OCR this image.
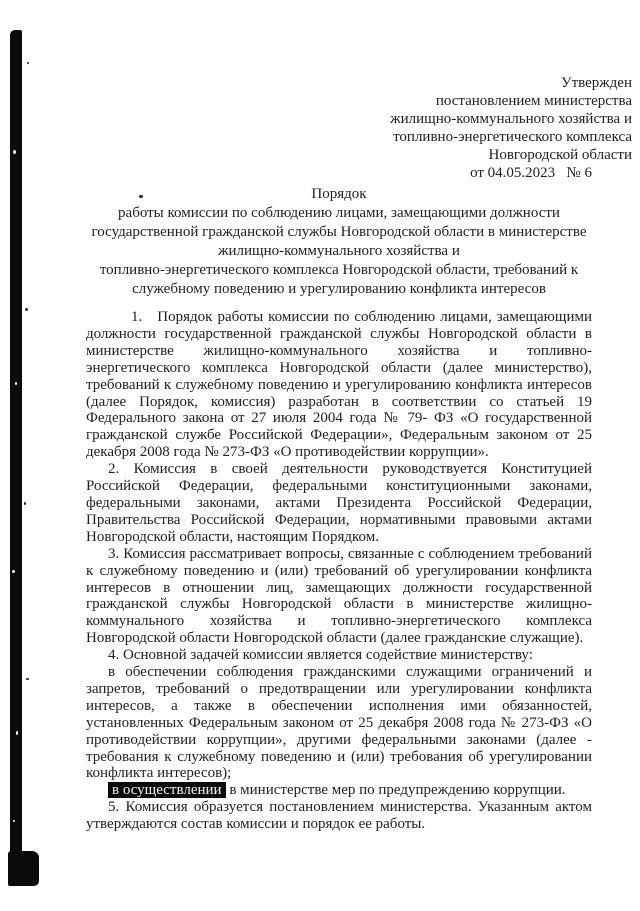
Утвержден
постановлением министерства
жилищно-коммунального хозяйства и
топливно-энергетического комплекса
Новгородской области
от 04.05.2023   № 6
Порядок
работы комиссии по соблюдению лицами, замещающими должности
государственной гражданской службы Новгородской области в министерстве
жилищно-коммунального хозяйства и
топливно-энергетического комплекса Новгородской области, требований к
служебному поведению и урегулированию конфликта интересов

1.   Порядок работы комиссии по соблюдению лицами, замещающими должности государственной гражданской службы Новгородской области в министерстве жилищно-коммунального хозяйства и топливно-энергетического комплекса Новгородской области (далее министерство), требований к служебному поведению и урегулированию конфликта интересов (далее Порядок, комиссия) разработан в соответствии со статьей 19 Федерального закона от 27 июля 2004 года № 79- ФЗ «О государственной гражданской службе Российской Федерации», Федеральным законом от 25 декабря 2008 года № 273-ФЗ «О противодействии коррупции».

2. Комиссия в своей деятельности руководствуется Конституцией Российской Федерации, федеральными конституционными законами, федеральными законами, актами Президента Российской Федерации, Правительства Российской Федерации, нормативными правовыми актами Новгородской области, настоящим Порядком.

3. Комиссия рассматривает вопросы, связанные с соблюдением требований к служебному поведению и (или) требований об урегулировании конфликта интересов в отношении лиц, замещающих должности государственной гражданской службы Новгородской области в министерстве жилищно-коммунального хозяйства и топливно-энергетического комплекса Новгородской области Новгородской области (далее гражданские служащие).

4. Основной задачей комиссии является содействие министерству:

в обеспечении соблюдения гражданскими служащими ограничений и запретов, требований о предотвращении или урегулировании конфликта интересов, а также в обеспечении исполнения ими обязанностей, установленных Федеральным законом от 25 декабря 2008 года № 273-ФЗ «О противодействии коррупции», другими федеральными законами (далее - требования к служебному поведению и (или) требования об урегулировании конфликта интересов);

в осуществлении в министерстве мер по предупреждению коррупции.

5. Комиссия образуется постановлением министерства. Указанным актом утверждаются состав комиссии и порядок ее работы.
